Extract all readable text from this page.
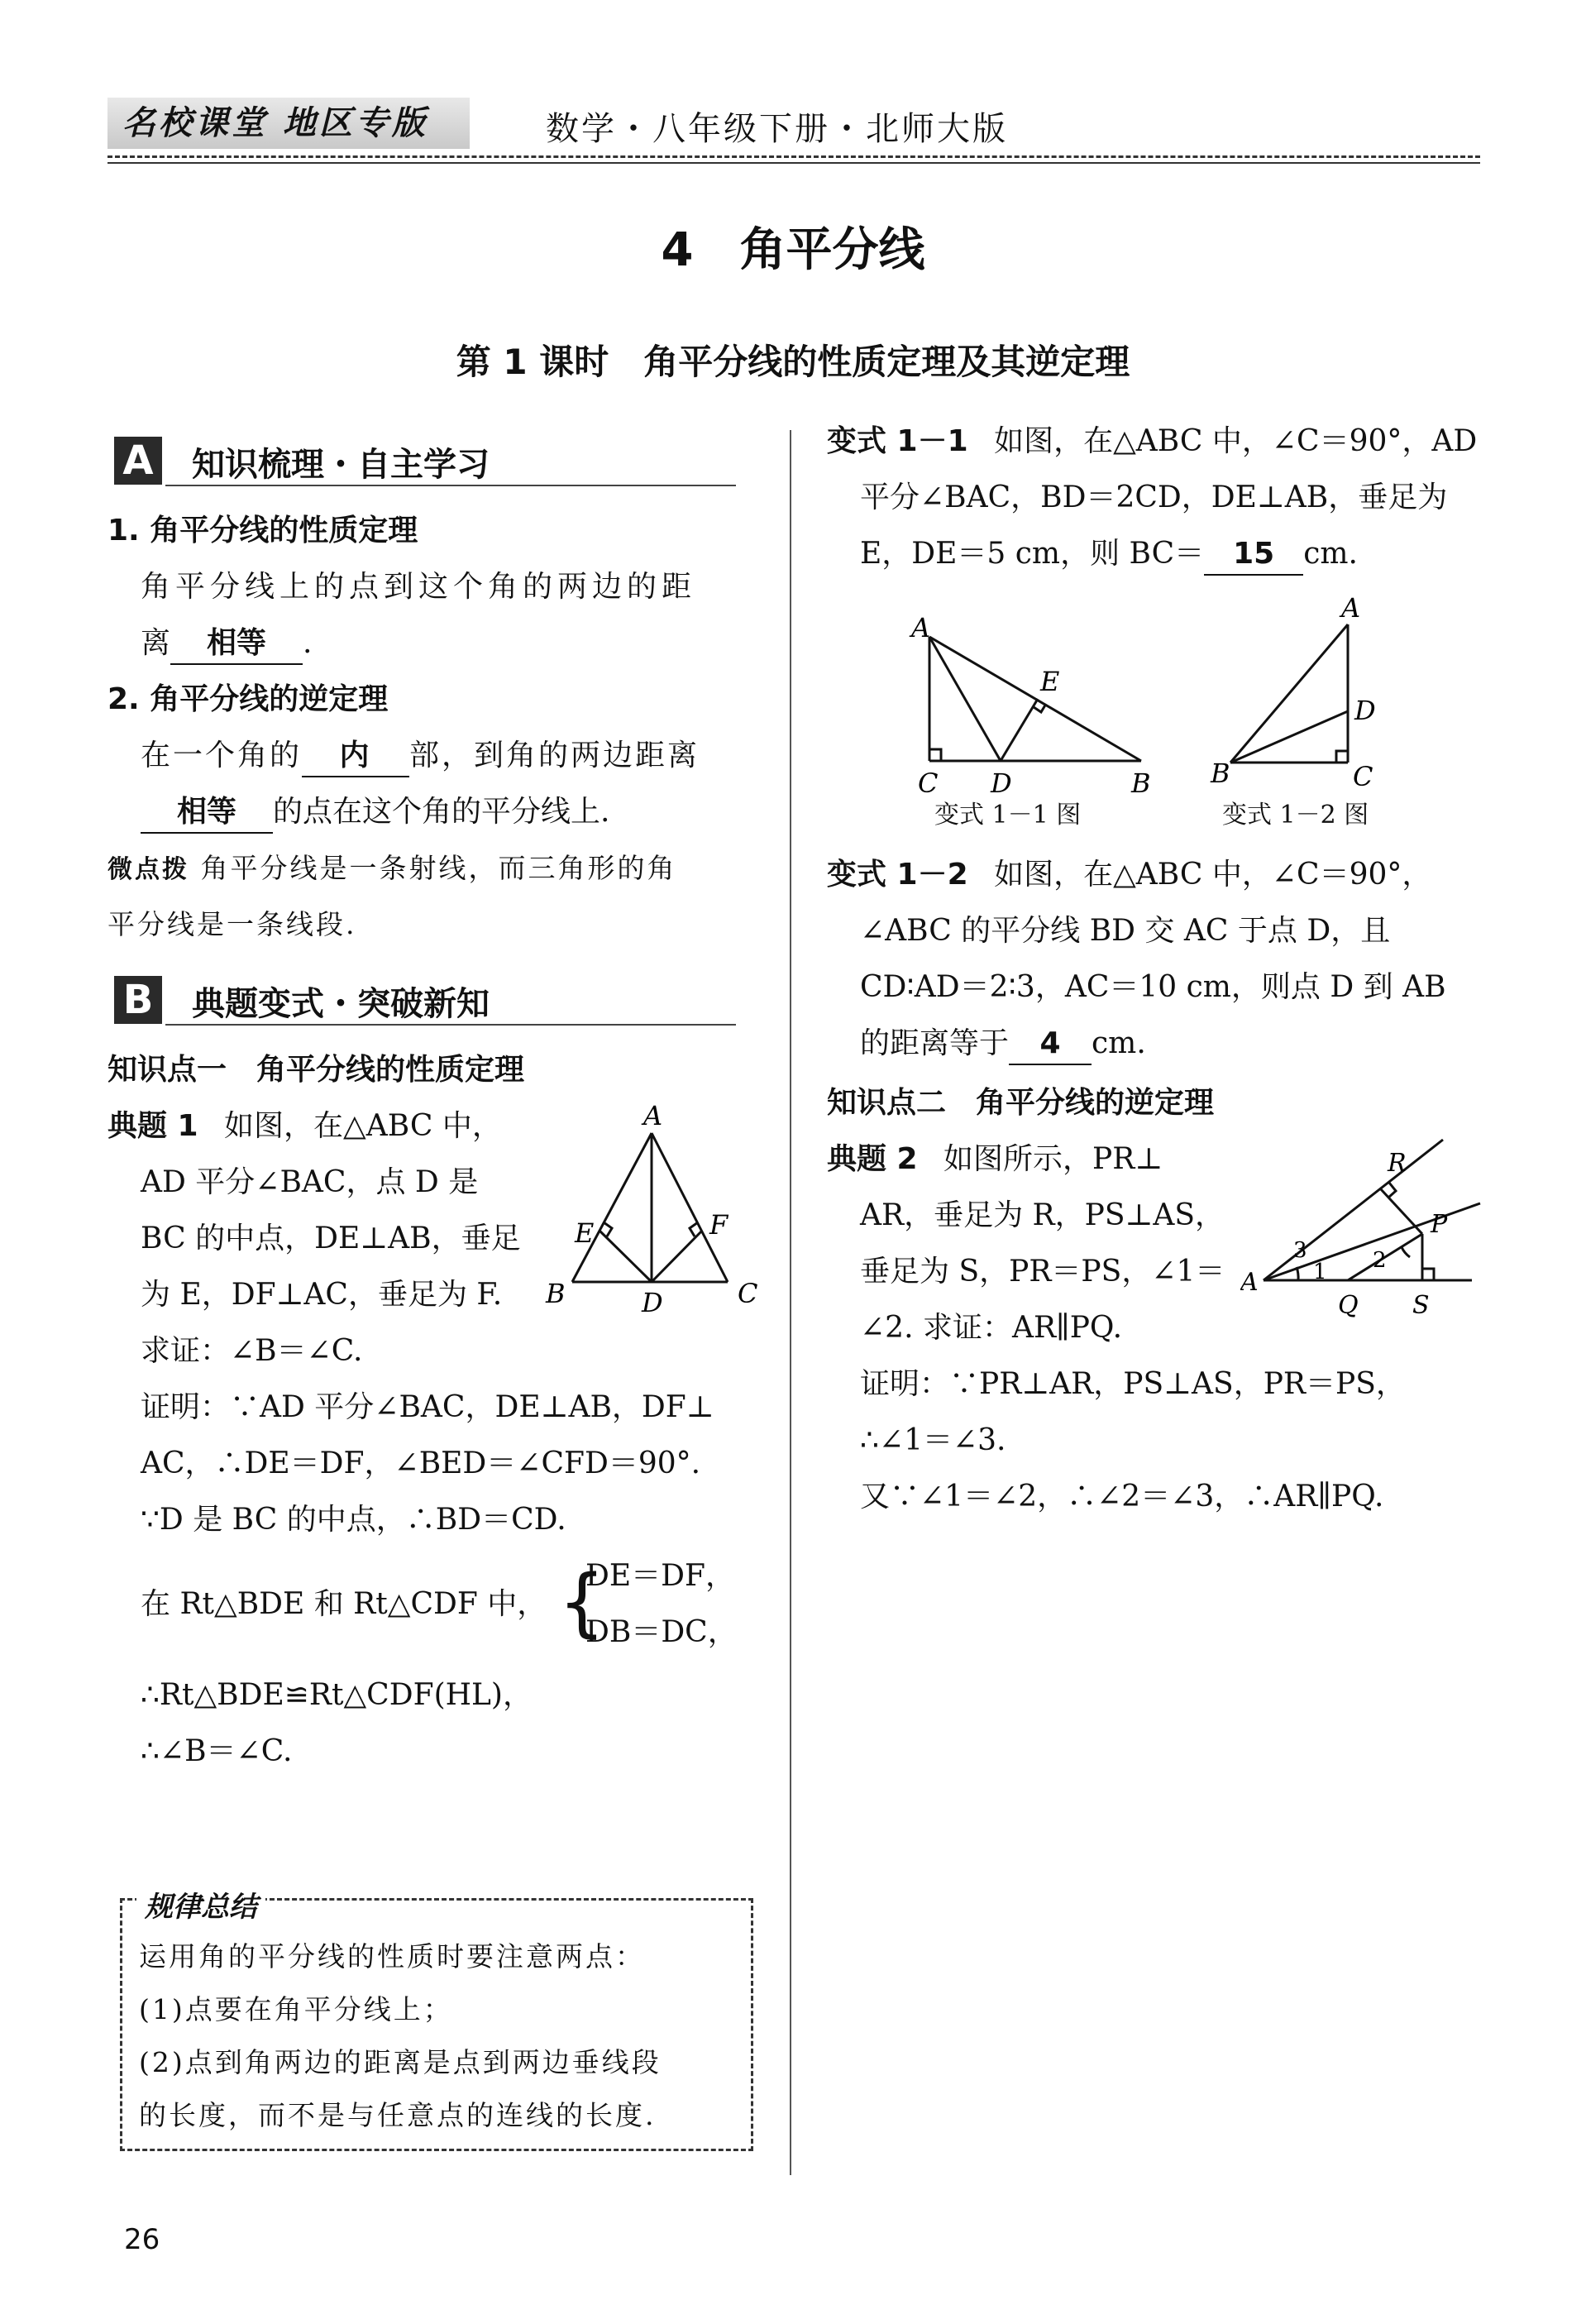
名校课堂 地区专版	数学・八年级下册・北师大版
4　角平分线
第 1 课时　角平分线的性质定理及其逆定理
A 知识梳理・自主学习
1. 角平分线的性质定理
角平分线上的点到这个角的两边的距
离 相等 .
2. 角平分线的逆定理
在一个角的 内 部，到角的两边距离
相等 的点在这个角的平分线上.
微点拨 角平分线是一条射线，而三角形的角
平分线是一条线段.
B 典题变式・突破新知
知识点一　角平分线的性质定理
典题 1 如图，在△ABC 中，
AD 平分∠BAC，点 D 是
BC 的中点，DE⊥AB，垂足
为 E，DF⊥AC，垂足为 F.
求证：∠B＝∠C.
A
B	C
D
E	F
证明：∵AD 平分∠BAC，DE⊥AB，DF⊥
AC，∴DE＝DF，∠BED＝∠CFD＝90°.
∵D 是 BC 的中点，∴BD＝CD.
在 Rt△BDE 和 Rt△CDF 中， {
DE＝DF，
DB＝DC，
∴Rt△BDE≌Rt△CDF(HL)，
∴∠B＝∠C.
规律总结
运用角的平分线的性质时要注意两点：
(1)点要在角平分线上；
(2)点到角两边的距离是点到两边垂线段
的长度，而不是与任意点的连线的长度.
变式 1－1 如图，在△ABC 中，∠C＝90°，AD
平分∠BAC，BD＝2CD，DE⊥AB，垂足为
E，DE＝5 cm，则 BC＝ 15 cm.
A
C D	B
E
变式 1－1 图
A
D
B	C
变式 1－2 图
变式 1－2 如图，在△ABC 中，∠C＝90°，
∠ABC 的平分线 BD 交 AC 于点 D，且
CD∶AD＝2∶3，AC＝10 cm，则点 D 到 AB
的距离等于 4 cm.
知识点二　角平分线的逆定理
典题 2 如图所示，PR⊥
AR，垂足为 R，PS⊥AS，
垂足为 S，PR＝PS，∠1＝
∠2. 求证：AR∥PQ.
A
R
P
Q S
1 2
3
证明：∵PR⊥AR，PS⊥AS，PR＝PS，
∴∠1＝∠3.
又∵∠1＝∠2，∴∠2＝∠3，∴AR∥PQ.
26
